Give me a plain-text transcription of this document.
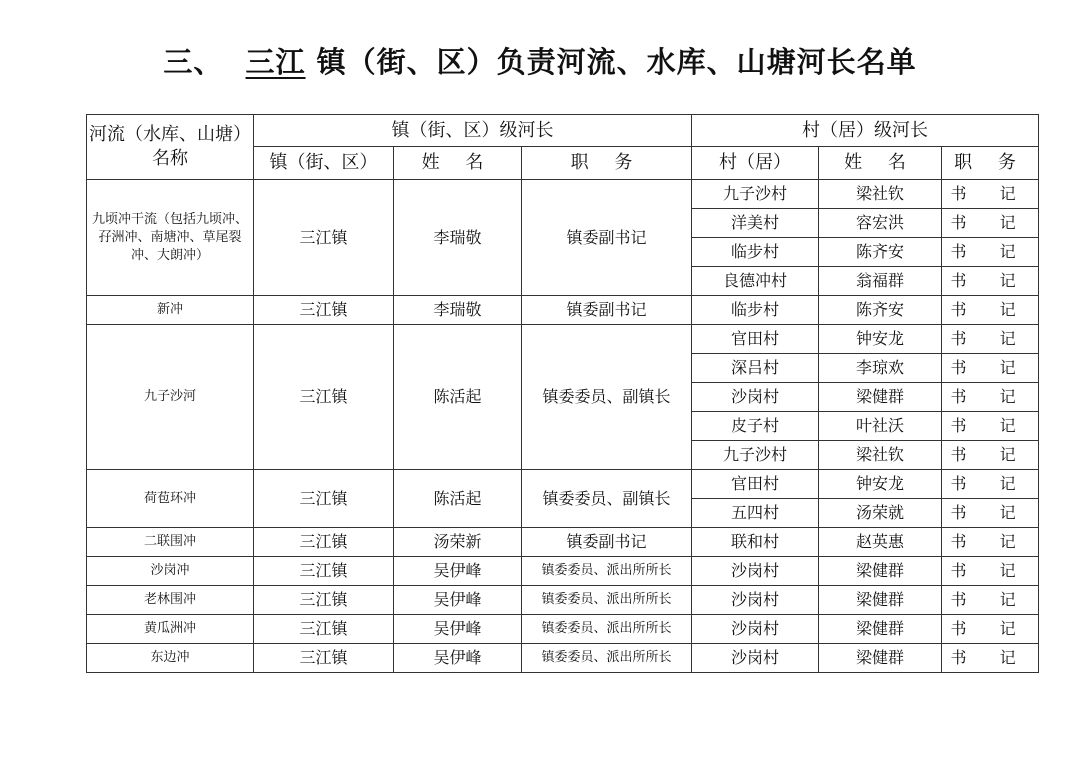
三、 三江 镇（街、区）负责河流、水库、山塘河长名单
河流（水库、山塘）名称	镇（街、区）级河长			村（居）级河长		
	镇（街、区）	姓 名	职 务	村（居）	姓 名	职 务
九顷冲干流（包括九顷冲、孖洲冲、南塘冲、草尾裂冲、大朗冲）	三江镇	李瑞敬	镇委副书记	九子沙村	梁社钦	书 记
				洋美村	容宏洪	书 记
				临步村	陈齐安	书 记
				良德冲村	翁福群	书 记
新冲	三江镇	李瑞敬	镇委副书记	临步村	陈齐安	书 记
九子沙河	三江镇	陈活起	镇委委员、副镇长	官田村	钟安龙	书 记
				深吕村	李琼欢	书 记
				沙岗村	梁健群	书 记
				皮子村	叶社沃	书 记
				九子沙村	梁社钦	书 记
荷苞环冲	三江镇	陈活起	镇委委员、副镇长	官田村	钟安龙	书 记
				五四村	汤荣就	书 记
二联围冲	三江镇	汤荣新	镇委副书记	联和村	赵英惠	书 记
沙岗冲	三江镇	吴伊峰	镇委委员、派出所所长	沙岗村	梁健群	书 记
老林围冲	三江镇	吴伊峰	镇委委员、派出所所长	沙岗村	梁健群	书 记
黄瓜洲冲	三江镇	吴伊峰	镇委委员、派出所所长	沙岗村	梁健群	书 记
东边冲	三江镇	吴伊峰	镇委委员、派出所所长	沙岗村	梁健群	书 记
